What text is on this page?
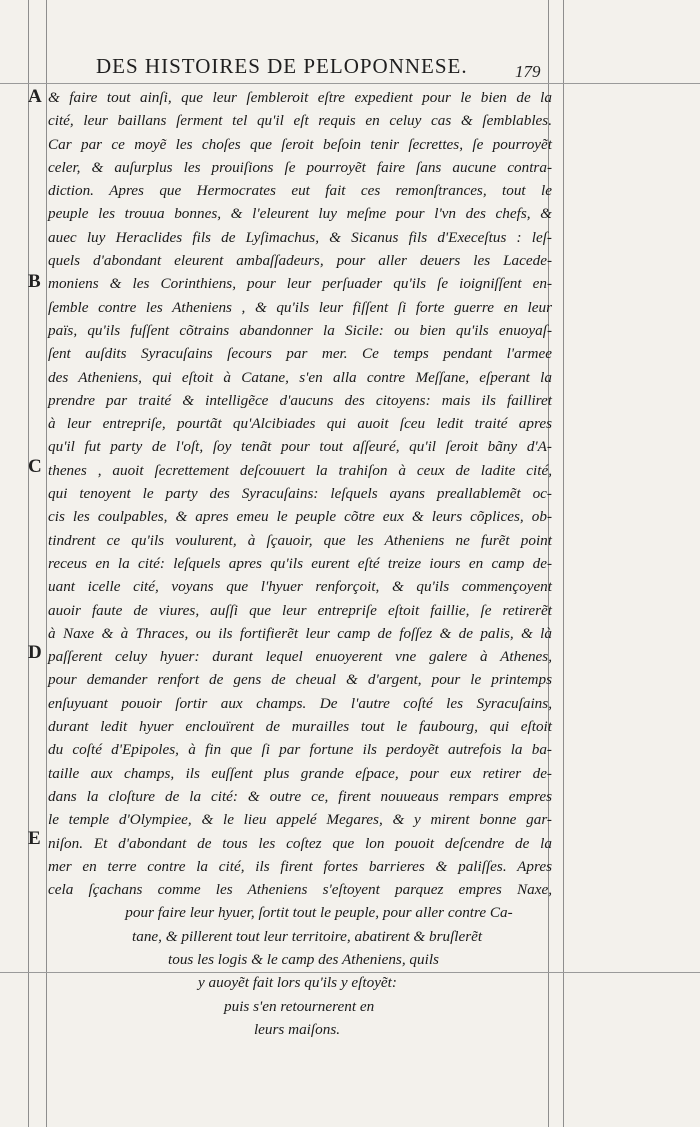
DES HISTOIRES DE PELOPONNESE.	179
A
B
C
D
E
& faire tout ainſi, que leur ſembleroit eſtre expedient pour le bien de la
cité, leur baillans ſerment tel qu'il eſt requis en celuy cas & ſemblables.
Car par ce moyẽ les choſes que ſeroit beſoin tenir ſecrettes, ſe pourroyẽt
celer, & auſurplus les prouiſions ſe pourroyẽt faire ſans aucune contra-
diction. Apres que Hermocrates eut fait ces remonſtrances, tout le
peuple les trouua bonnes, & l'eleurent luy meſme pour l'vn des chefs, &
auec luy Heraclides fils de Lyſimachus, & Sicanus fils d'Execeſtus : leſ-
quels d'abondant eleurent ambaſſadeurs, pour aller deuers les Lacede-
moniens & les Corinthiens, pour leur perſuader qu'ils ſe ioigniſſent en-
ſemble contre les Atheniens , & qu'ils leur fiſſent ſi forte guerre en leur
païs, qu'ils fuſſent cõtrains abandonner la Sicile: ou bien qu'ils enuoyaſ-
ſent auſdits Syracuſains ſecours par mer. Ce temps pendant l'armee
des Atheniens, qui eſtoit à Catane, s'en alla contre Meſſane, eſperant la
prendre par traité & intelligẽce d'aucuns des citoyens: mais ils failliret
à leur entrepriſe, pourtãt qu'Alcibiades qui auoit ſceu ledit traité apres
qu'il fut party de l'oſt, ſoy tenãt pour tout aſſeuré, qu'il ſeroit bãny d'A-
thenes , auoit ſecrettement deſcouuert la trahiſon à ceux de ladite cité,
qui tenoyent le party des Syracuſains: leſquels ayans preallablemẽt oc-
cis les coulpables, & apres emeu le peuple cõtre eux & leurs cõplices, ob-
tindrent ce qu'ils voulurent, à ſçauoir, que les Atheniens ne furẽt point
receus en la cité: leſquels apres qu'ils eurent eſté treize iours en camp de-
uant icelle cité, voyans que l'hyuer renforçoit, & qu'ils commençoyent
auoir faute de viures, auſſi que leur entrepriſe eſtoit faillie, ſe retirerẽt
à Naxe & à Thraces, ou ils fortifierẽt leur camp de foſſez & de palis, & là
paſſerent celuy hyuer: durant lequel enuoyerent vne galere à Athenes,
pour demander renfort de gens de cheual & d'argent, pour le printemps
enſuyuant pouoir ſortir aux champs. De l'autre coſté les Syracuſains,
durant ledit hyuer enclouïrent de murailles tout le faubourg, qui eſtoit
du coſté d'Epipoles, à fin que ſi par fortune ils perdoyẽt autrefois la ba-
taille aux champs, ils euſſent plus grande eſpace, pour eux retirer de-
dans la cloſture de la cité: & outre ce, firent nouueaus rempars empres
le temple d'Olympiee, & le lieu appelé Megares, & y mirent bonne gar-
niſon. Et d'abondant de tous les coſtez que lon pouoit deſcendre de la
mer en terre contre la cité, ils firent fortes barrieres & paliſſes. Apres
cela ſçachans comme les Atheniens s'eſtoyent parquez empres Naxe,
pour faire leur hyuer, ſortit tout le peuple, pour aller contre Ca-
tane, & pillerent tout leur territoire, abatirent & bruſlerẽt
tous les logis & le camp des Atheniens, quils
y auoyẽt fait lors qu'ils y eſtoyẽt:
puis s'en retournerent en
leurs maiſons.
